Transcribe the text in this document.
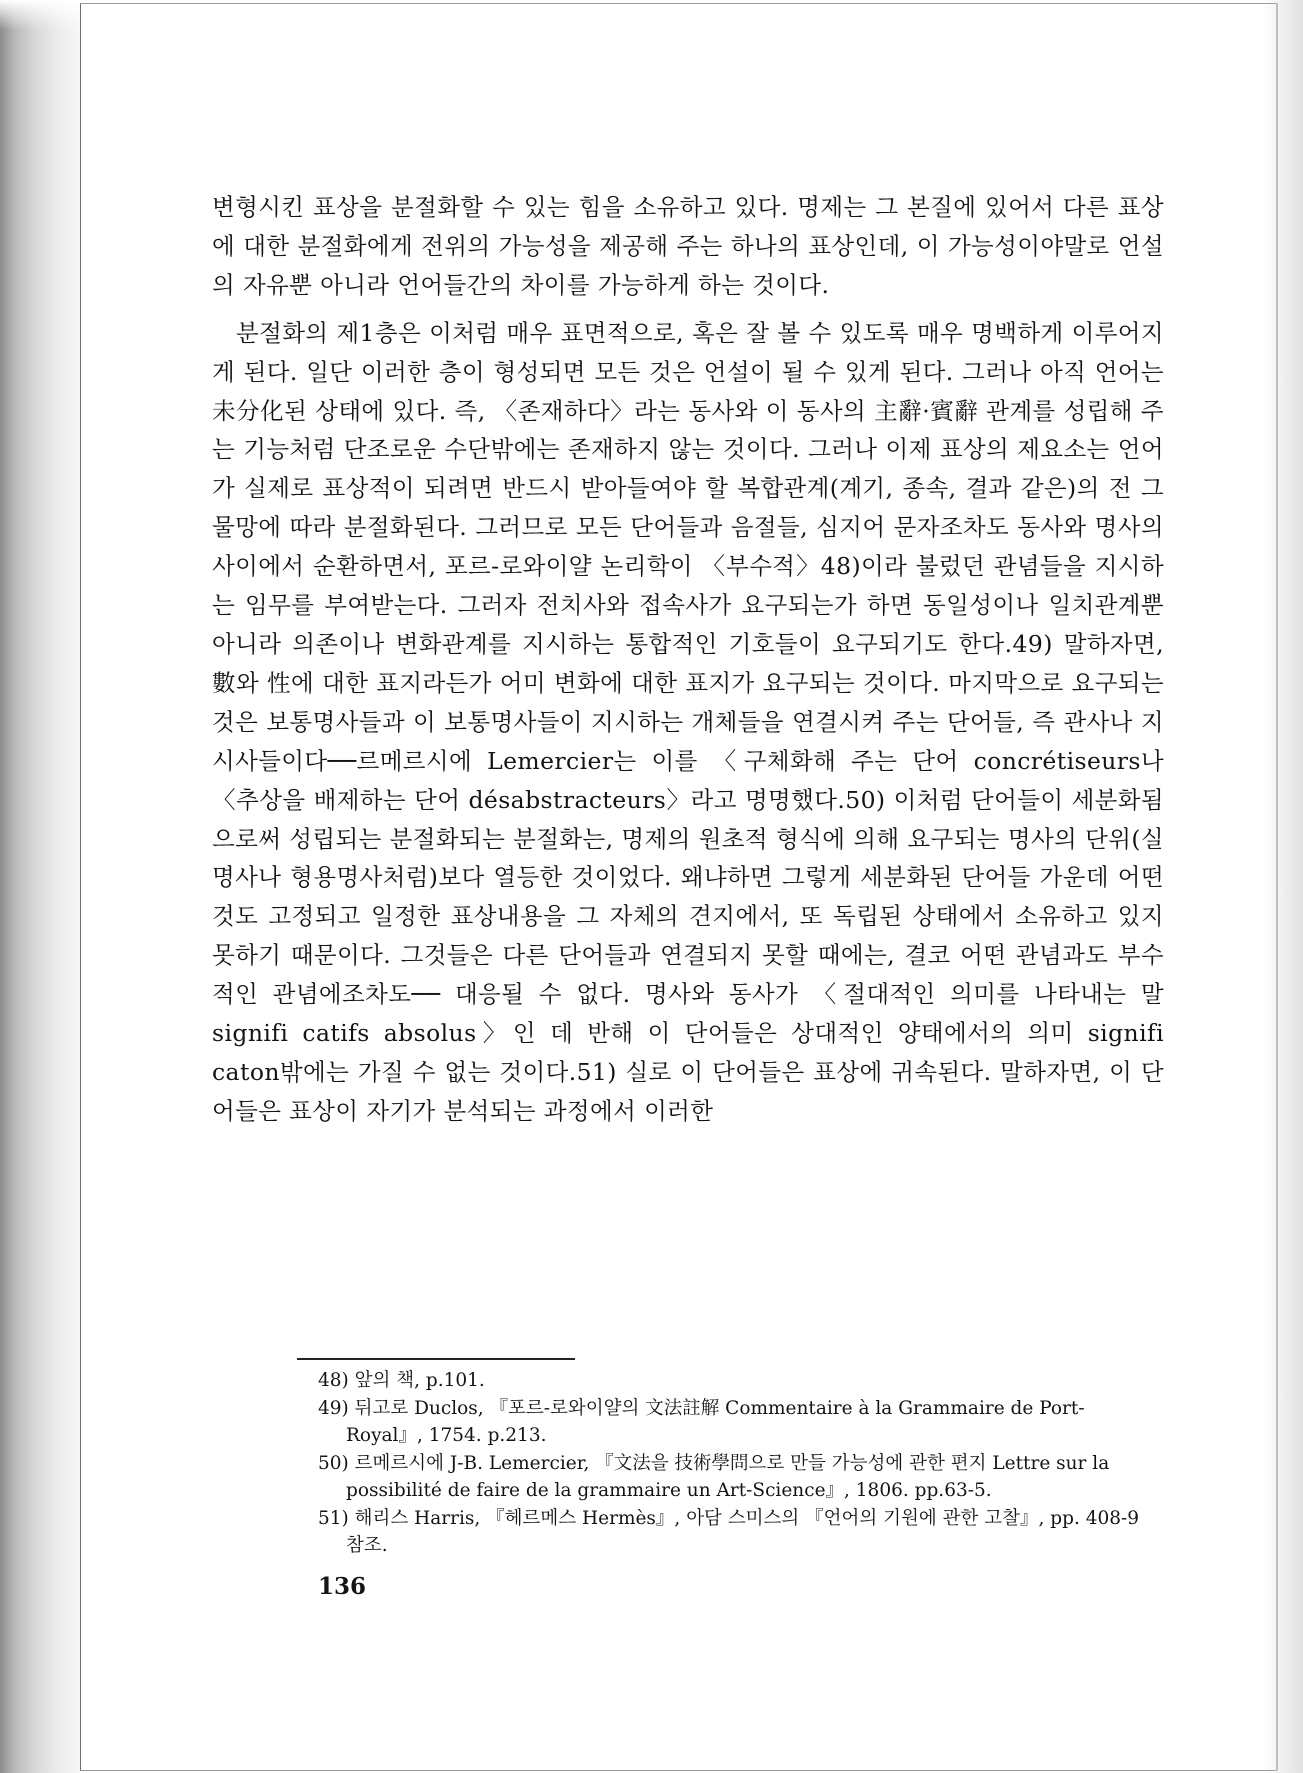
변형시킨 표상을 분절화할 수 있는 힘을 소유하고 있다. 명제는 그 본질에 있어서 다른 표상에 대한 분절화에게 전위의 가능성을 제공해 주는 하나의 표상인데, 이 가능성이야말로 언설의 자유뿐 아니라 언어들간의 차이를 가능하게 하는 것이다.

분절화의 제1층은 이처럼 매우 표면적으로, 혹은 잘 볼 수 있도록 매우 명백하게 이루어지게 된다. 일단 이러한 층이 형성되면 모든 것은 언설이 될 수 있게 된다. 그러나 아직 언어는 未分化된 상태에 있다. 즉, 〈존재하다〉라는 동사와 이 동사의 主辭·賓辭 관계를 성립해 주는 기능처럼 단조로운 수단밖에는 존재하지 않는 것이다. 그러나 이제 표상의 제요소는 언어가 실제로 표상적이 되려면 반드시 받아들여야 할 복합관계(계기, 종속, 결과 같은)의 전 그물망에 따라 분절화된다. 그러므로 모든 단어들과 음절들, 심지어 문자조차도 동사와 명사의 사이에서 순환하면서, 포르-로와이얄 논리학이 〈부수적〉48)이라 불렀던 관념들을 지시하는 임무를 부여받는다. 그러자 전치사와 접속사가 요구되는가 하면 동일성이나 일치관계뿐 아니라 의존이나 변화관계를 지시하는 통합적인 기호들이 요구되기도 한다.49) 말하자면, 數와 性에 대한 표지라든가 어미 변화에 대한 표지가 요구되는 것이다. 마지막으로 요구되는 것은 보통명사들과 이 보통명사들이 지시하는 개체들을 연결시켜 주는 단어들, 즉 관사나 지시사들이다──르메르시에 Lemercier는 이를 〈구체화해 주는 단어 concrétiseurs나 〈추상을 배제하는 단어 désabstracteurs〉라고 명명했다.50) 이처럼 단어들이 세분화됨으로써 성립되는 분절화되는 분절화는, 명제의 원초적 형식에 의해 요구되는 명사의 단위(실명사나 형용명사처럼)보다 열등한 것이었다. 왜냐하면 그렇게 세분화된 단어들 가운데 어떤 것도 고정되고 일정한 표상내용을 그 자체의 견지에서, 또 독립된 상태에서 소유하고 있지 못하기 때문이다. 그것들은 다른 단어들과 연결되지 못할 때에는, 결코 어떤 관념과도 부수적인 관념에조차도── 대응될 수 없다. 명사와 동사가 〈절대적인 의미를 나타내는 말 signifi catifs absolus〉인 데 반해 이 단어들은 상대적인 양태에서의 의미 signifi caton밖에는 가질 수 없는 것이다.51) 실로 이 단어들은 표상에 귀속된다. 말하자면, 이 단어들은 표상이 자기가 분석되는 과정에서 이러한

48) 앞의 책, p.101.

49) 뒤고로 Duclos, 『포르-로와이얄의 文法註解 Commentaire à la Grammaire de Port-Royal』, 1754. p.213.

50) 르메르시에 J-B. Lemercier, 『文法을 技術學問으로 만들 가능성에 관한 편지 Lettre sur la possibilité de faire de la grammaire un Art-Science』, 1806. pp.63-5.

51) 해리스 Harris, 『헤르메스 Hermès』, 아담 스미스의 『언어의 기원에 관한 고찰』, pp. 408-9 참조.

136
